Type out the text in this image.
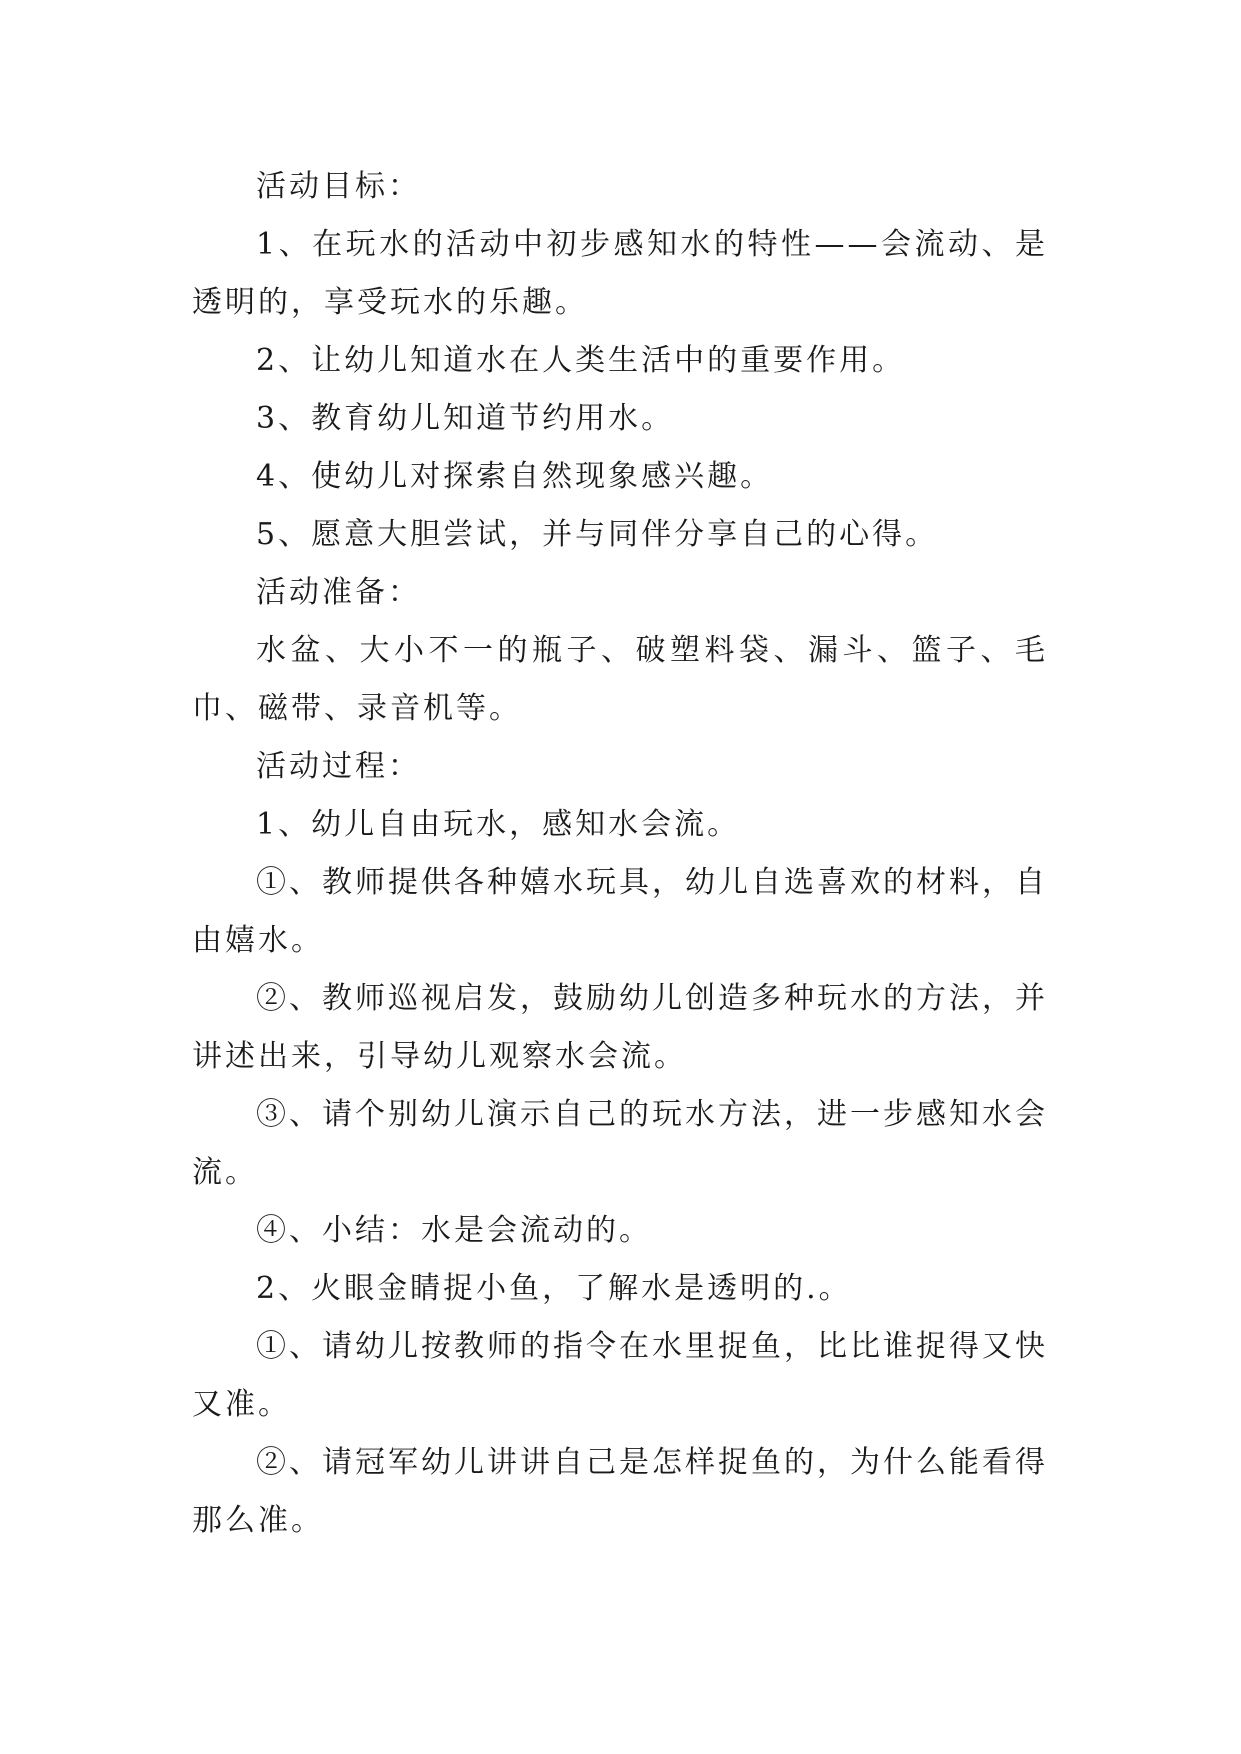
活动目标：

1、在玩水的活动中初步感知水的特性——会流动、是透明的，享受玩水的乐趣。

2、让幼儿知道水在人类生活中的重要作用。

3、教育幼儿知道节约用水。

4、使幼儿对探索自然现象感兴趣。

5、愿意大胆尝试，并与同伴分享自己的心得。

活动准备：

水盆、大小不一的瓶子、破塑料袋、漏斗、篮子、毛巾、磁带、录音机等。

活动过程：

1、幼儿自由玩水，感知水会流。

①、教师提供各种嬉水玩具，幼儿自选喜欢的材料，自由嬉水。

②、教师巡视启发，鼓励幼儿创造多种玩水的方法，并讲述出来，引导幼儿观察水会流。

③、请个别幼儿演示自己的玩水方法，进一步感知水会流。

④、小结：水是会流动的。

2、火眼金睛捉小鱼，了解水是透明的.。

①、请幼儿按教师的指令在水里捉鱼，比比谁捉得又快又准。

②、请冠军幼儿讲讲自己是怎样捉鱼的，为什么能看得那么准。
